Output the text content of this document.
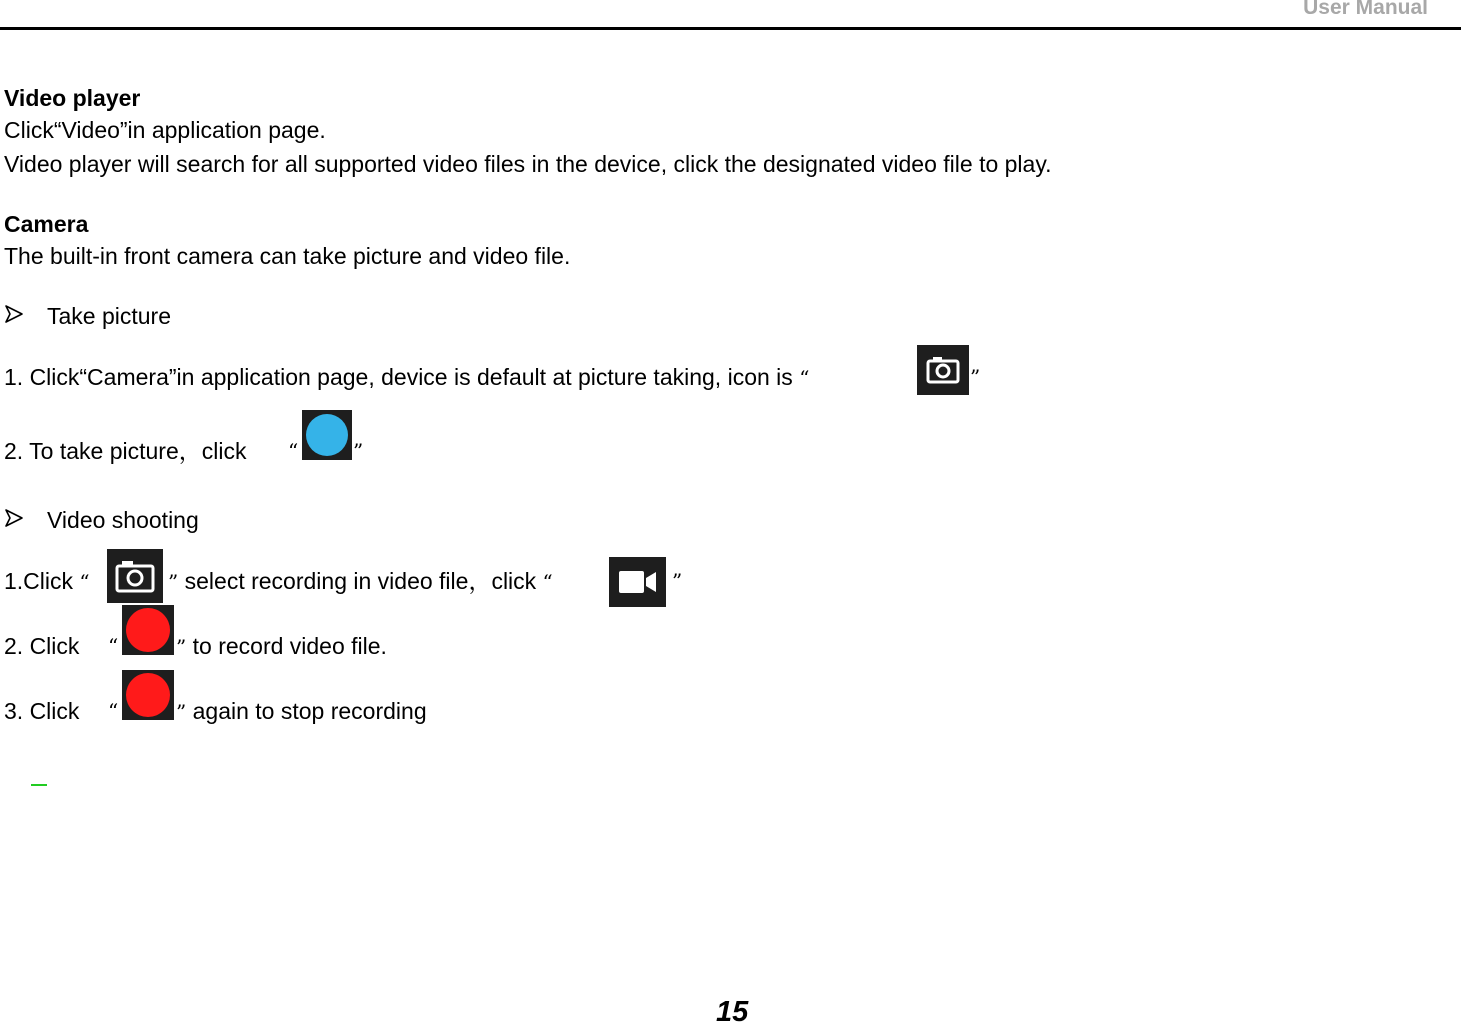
User Manual
Video player
Click“Video”in application page.
Video player will search for all supported video files in the device, click the designated video file to play.
Camera
The built-in front camera can take picture and video file.
Take picture
1. Click“Camera”in application page, device is default at picture taking, icon is “	”
2. To take picture，click “	”
Video shooting
1.Click “	” select recording in video file，click “	”
2. Click “	” to record video file.
3. Click “	” again to stop recording
15
